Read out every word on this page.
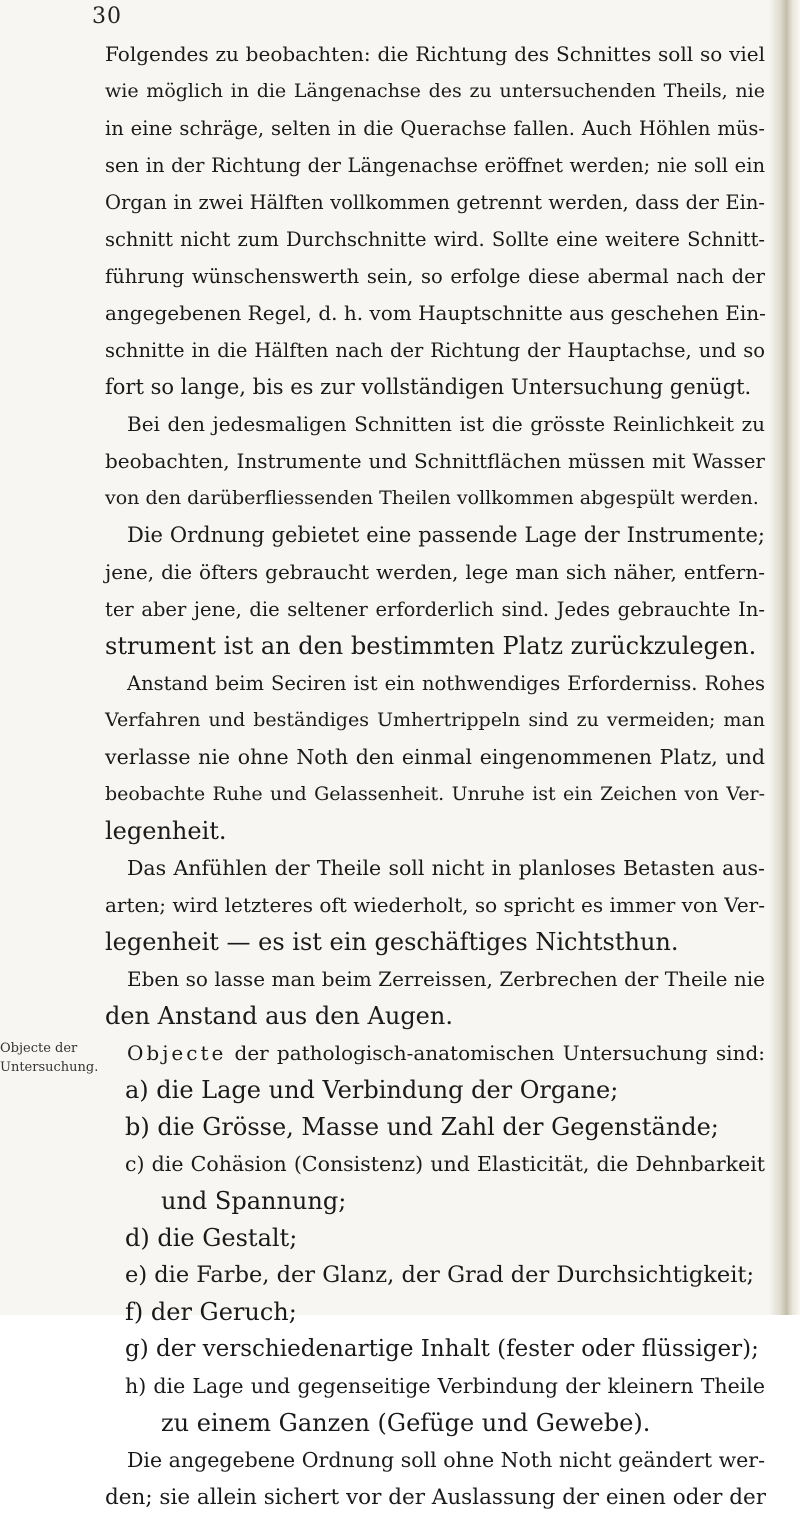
30
Objecte der
Untersuchung.
Folgendes zu beobachten: die Richtung des Schnittes soll so viel
wie möglich in die Längenachse des zu untersuchenden Theils, nie
in eine schräge, selten in die Querachse fallen. Auch Höhlen müs-
sen in der Richtung der Längenachse eröffnet werden; nie soll ein
Organ in zwei Hälften vollkommen getrennt werden, dass der Ein-
schnitt nicht zum Durchschnitte wird. Sollte eine weitere Schnitt-
führung wünschenswerth sein, so erfolge diese abermal nach der
angegebenen Regel, d. h. vom Hauptschnitte aus geschehen Ein-
schnitte in die Hälften nach der Richtung der Hauptachse, und so
fort so lange, bis es zur vollständigen Untersuchung genügt.
Bei den jedesmaligen Schnitten ist die grösste Reinlichkeit zu
beobachten, Instrumente und Schnittflächen müssen mit Wasser
von den darüberfliessenden Theilen vollkommen abgespült werden.
Die Ordnung gebietet eine passende Lage der Instrumente;
jene, die öfters gebraucht werden, lege man sich näher, entfern-
ter aber jene, die seltener erforderlich sind. Jedes gebrauchte In-
strument ist an den bestimmten Platz zurückzulegen.
Anstand beim Seciren ist ein nothwendiges Erforderniss. Rohes
Verfahren und beständiges Umhertrippeln sind zu vermeiden; man
verlasse nie ohne Noth den einmal eingenommenen Platz, und
beobachte Ruhe und Gelassenheit. Unruhe ist ein Zeichen von Ver-
legenheit.
Das Anfühlen der Theile soll nicht in planloses Betasten aus-
arten; wird letzteres oft wiederholt, so spricht es immer von Ver-
legenheit — es ist ein geschäftiges Nichtsthun.
Eben so lasse man beim Zerreissen, Zerbrechen der Theile nie
den Anstand aus den Augen.
Objecte der pathologisch-anatomischen Untersuchung sind:
a) die Lage und Verbindung der Organe;
b) die Grösse, Masse und Zahl der Gegenstände;
c) die Cohäsion (Consistenz) und Elasticität, die Dehnbarkeit
und Spannung;
d) die Gestalt;
e) die Farbe, der Glanz, der Grad der Durchsichtigkeit;
f) der Geruch;
g) der verschiedenartige Inhalt (fester oder flüssiger);
h) die Lage und gegenseitige Verbindung der kleinern Theile
zu einem Ganzen (Gefüge und Gewebe).
Die angegebene Ordnung soll ohne Noth nicht geändert wer-
den; sie allein sichert vor der Auslassung der einen oder der
